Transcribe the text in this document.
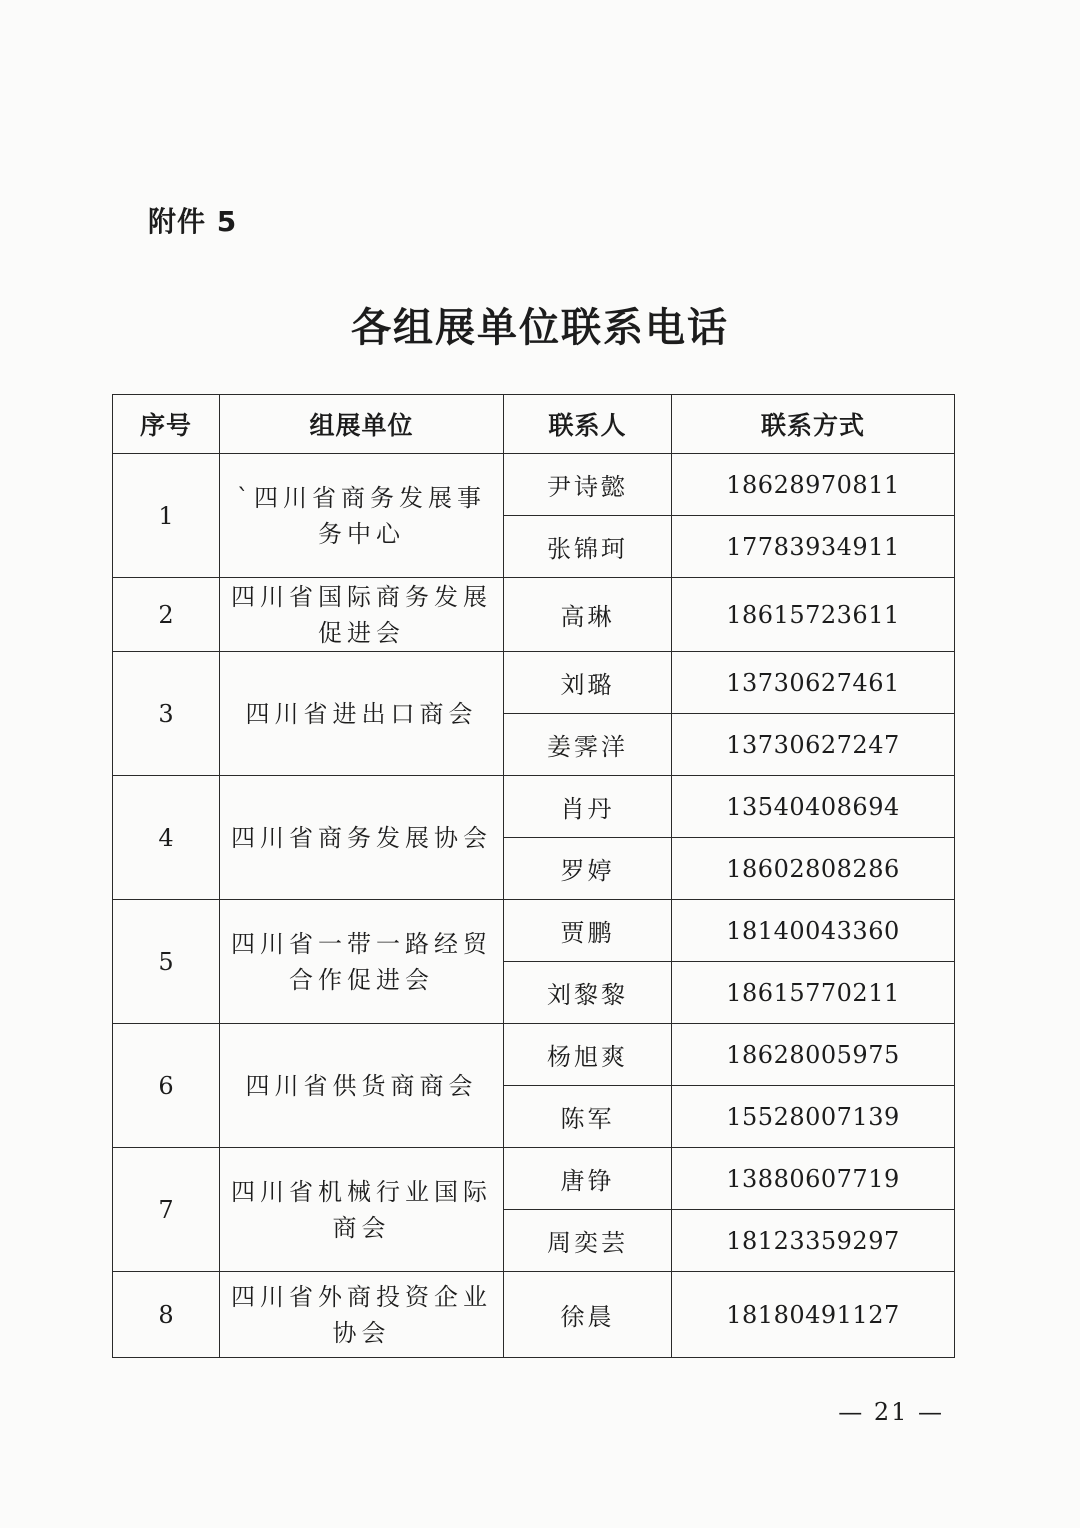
附件 5
各组展单位联系电话
序号	组展单位	联系人	联系方式
1	`四川省商务发展事务中心	尹诗懿	18628970811
		张锦珂	17783934911
2	四川省国际商务发展促进会	高琳	18615723611
3	四川省进出口商会	刘璐	13730627461
		姜霁洋	13730627247
4	四川省商务发展协会	肖丹	13540408694
		罗婷	18602808286
5	四川省一带一路经贸合作促进会	贾鹏	18140043360
		刘黎黎	18615770211
6	四川省供货商商会	杨旭爽	18628005975
		陈军	15528007139
7	四川省机械行业国际商会	唐铮	13880607719
		周奕芸	18123359297
8	四川省外商投资企业协会	徐晨	18180491127
— 21 —
